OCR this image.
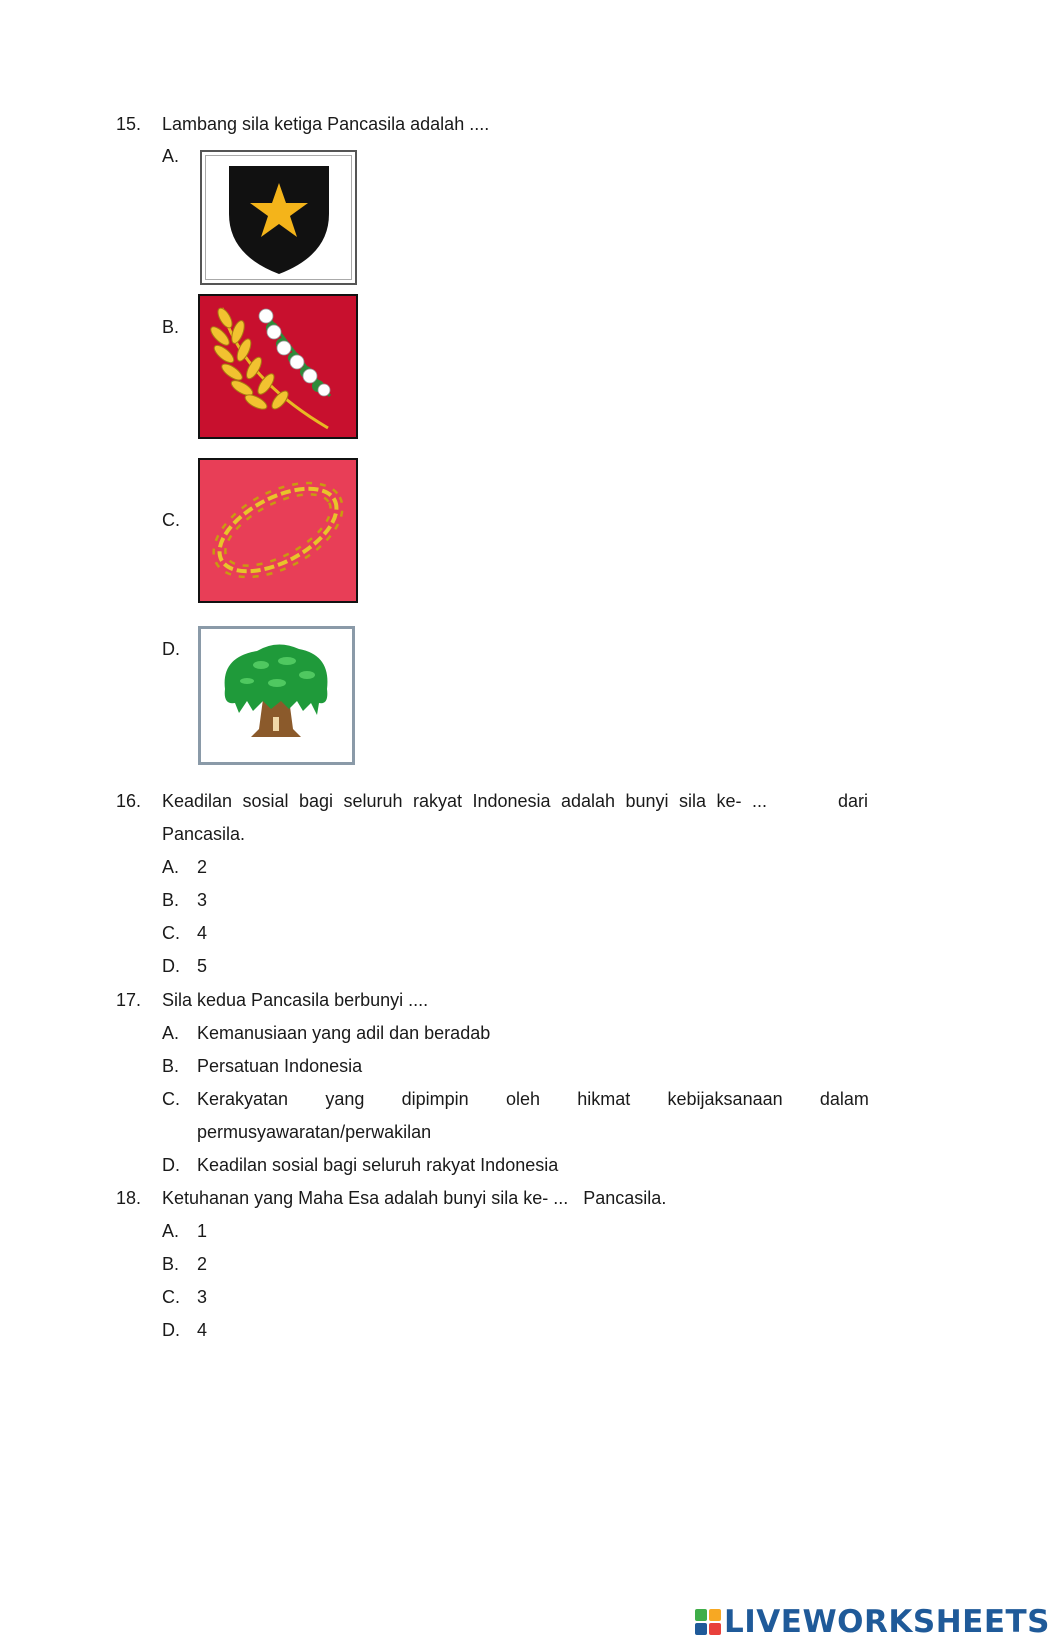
15. Lambang sila ketiga Pancasila adalah ....
A.
B.
C.
D.
16. Keadilan sosial bagi seluruh rakyat Indonesia adalah bunyi sila ke- ...	dari
Pancasila.
A. 2
B. 3
C. 4
D. 5
17. Sila kedua Pancasila berbunyi ....
A. Kemanusiaan yang adil dan beradab
B. Persatuan Indonesia
C. Kerakyatan yang dipimpin oleh hikmat kebijaksanaan dalam
permusyawaratan/perwakilan
D. Keadilan sosial bagi seluruh rakyat Indonesia
18. Ketuhanan yang Maha Esa adalah bunyi sila ke- ...   Pancasila.
A. 1
B. 2
C. 3
D. 4
LIVEWORKSHEETS
